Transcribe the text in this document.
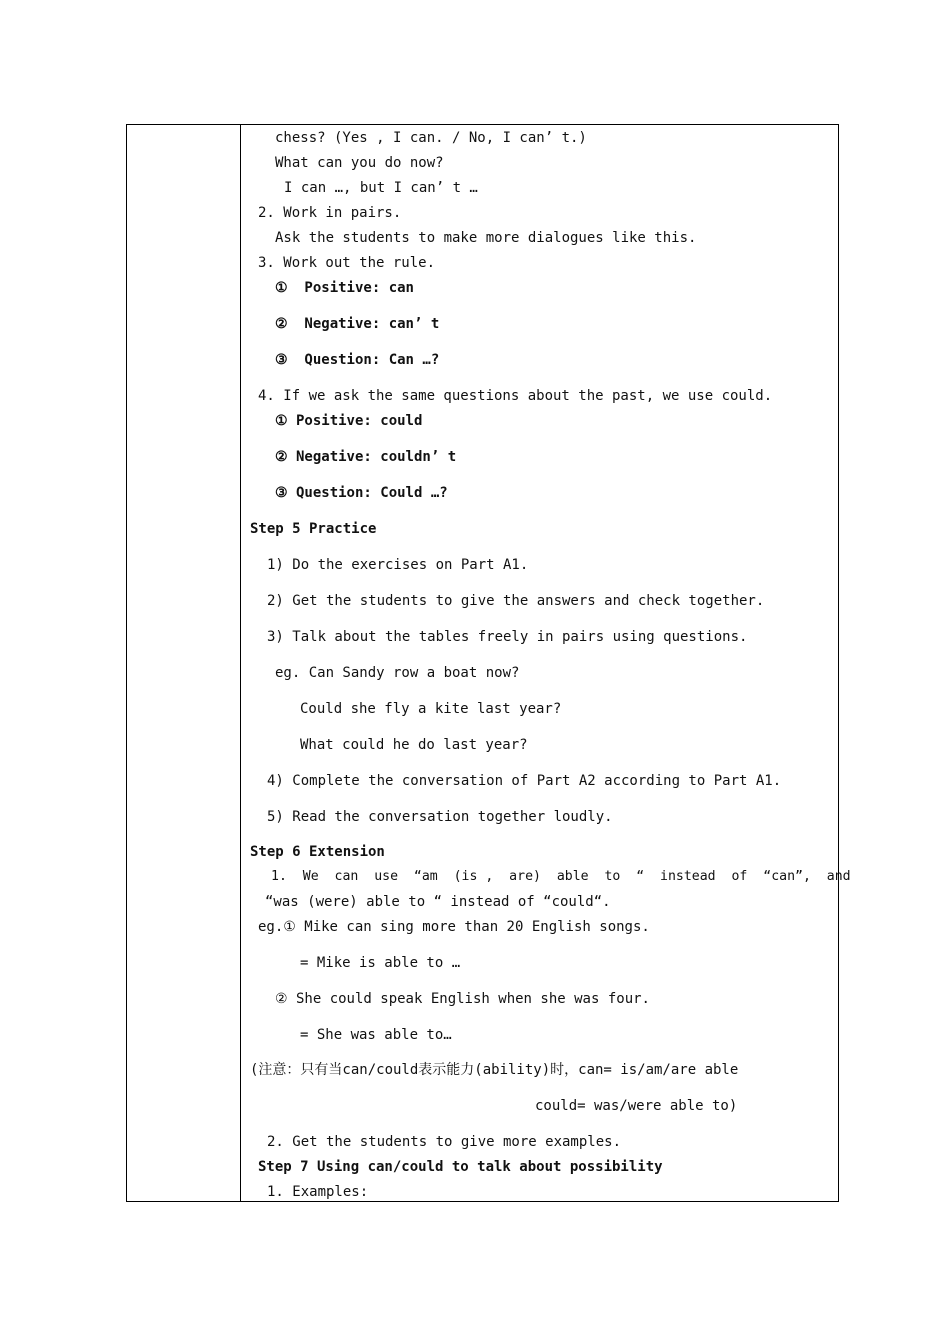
chess? (Yes , I can. / No, I can’ t.)
What can you do now?
I can …, but I can’ t …
2. Work in pairs.
Ask the students to make more dialogues like this.
3. Work out the rule.
①  Positive: can
②  Negative: can’ t
③  Question: Can …?
4. If we ask the same questions about the past, we use could.
① Positive: could
② Negative: couldn’ t
③ Question: Could …?
Step 5 Practice
1) Do the exercises on Part A1.
2) Get the students to give the answers and check together.
3) Talk about the tables freely in pairs using questions.
eg. Can Sandy row a boat now?
Could she fly a kite last year?
What could he do last year?
4) Complete the conversation of Part A2 according to Part A1.
5) Read the conversation together loudly.
Step 6 Extension
1.  We  can  use  “am  (is ,  are)  able  to  “  instead  of  “can”,  and
“was (were) able to “ instead of “could“.
eg.① Mike can sing more than 20 English songs.
= Mike is able to …
② She could speak English when she was four.
= She was able to…
(注意：只有当can/could表示能力(ability)时，can= is/am/are able
could= was/were able to)
2. Get the students to give more examples.
Step 7 Using can/could to talk about possibility
1. Examples:
